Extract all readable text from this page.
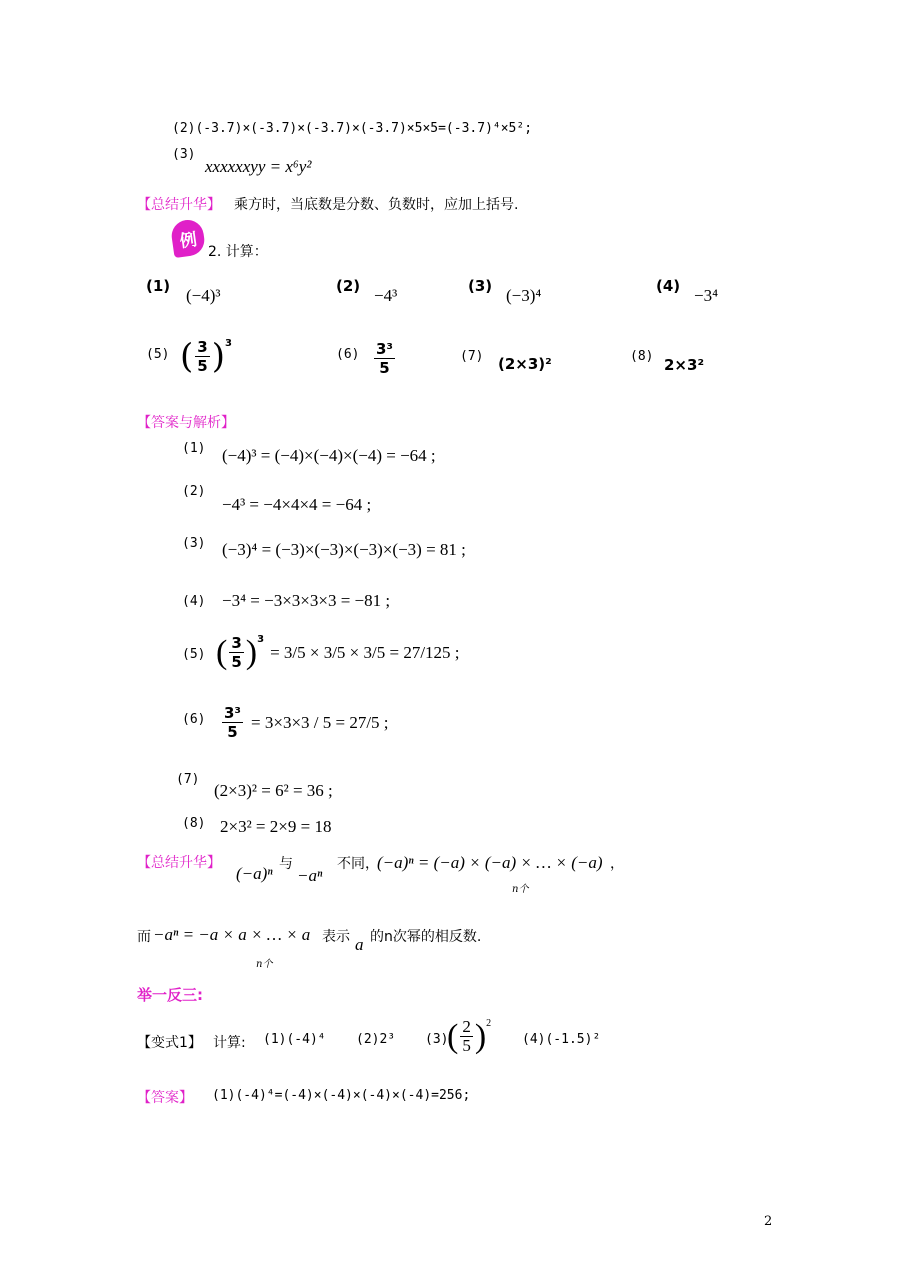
(2)(-3.7)×(-3.7)×(-3.7)×(-3.7)×5×5=(-3.7)⁴×5²;
(3)
xxxxxxyy = x⁶y²
【总结升华】 乘方时，当底数是分数、负数时，应加上括号.
例
2. 计算：
(1) (−4)³	(2) −4³	(3) (−3)⁴	(4) −3⁴
(5) ( $\frac{3}{5} )^3$
$(6) \frac{\text{3³}}{5}$	(7) (2×3)²	(8) 2×3²
【答案与解析】
(1) (−4)³ = (−4)×(−4)×(−4) = −64 ;
(2)
−4³ = −4×4×4 = −64 ;
(3) (−3)⁴ = (−3)×(−3)×(−3)×(−3) = 81 ;
(4) −3⁴ = −3×3×3×3 = −81 ;
(5) ( $\frac{3}{5} )^3$
= 3/5 × 3/5 × 3/5 = 27/125 ;
$(6) \frac{\text{3³}}{5} = 3\times 3\times 3 / 5 = 27/5$ ;
(7)
(2×3)² = 6² = 36 ;
(8) 2×3² = 2×9 = 18
【总结升华】
(−a)ⁿ 与
−aⁿ
不同，
(−a)ⁿ = (−a) × (−a) × … × (−a)
n个
，
而 −aⁿ = −a × a × … × a
n个
表示 a 的n次幂的相反数.
举一反三:
【变式1】 计算: (1)(-4)⁴ (2)2³ (3)
( $\frac{2}{5} )^2$
(4)(-1.5)²
【答案】 (1)(-4)⁴=(-4)×(-4)×(-4)×(-4)=256;
2
